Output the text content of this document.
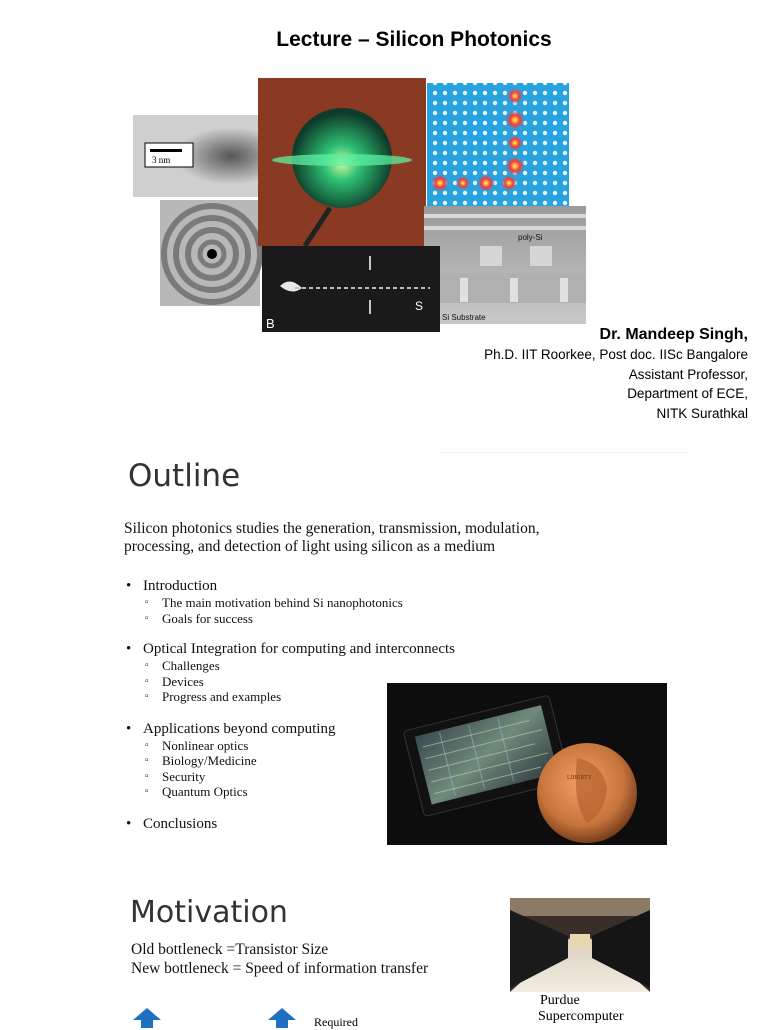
Lecture – Silicon Photonics
3 nm
poly-Si
Si Substrate
B
S
Dr. Mandeep Singh,
Ph.D. IIT Roorkee, Post doc. IISc Bangalore
Assistant Professor,
Department of ECE,
NITK Surathkal
Outline
Silicon photonics studies the generation, transmission, modulation,
processing, and detection of light using silicon as a medium
• Introduction
▫ The main motivation behind Si nanophotonics
▫ Goals for success
• Optical Integration for computing and interconnects
▫ Challenges
▫ Devices
▫ Progress and examples
• Applications beyond computing
▫ Nonlinear optics
▫ Biology/Medicine
▫ Security
▫ Quantum Optics
• Conclusions
LIBERTY
Motivation
Old bottleneck =Transistor Size
New bottleneck = Speed of information transfer
Purdue
Supercomputer
Required
